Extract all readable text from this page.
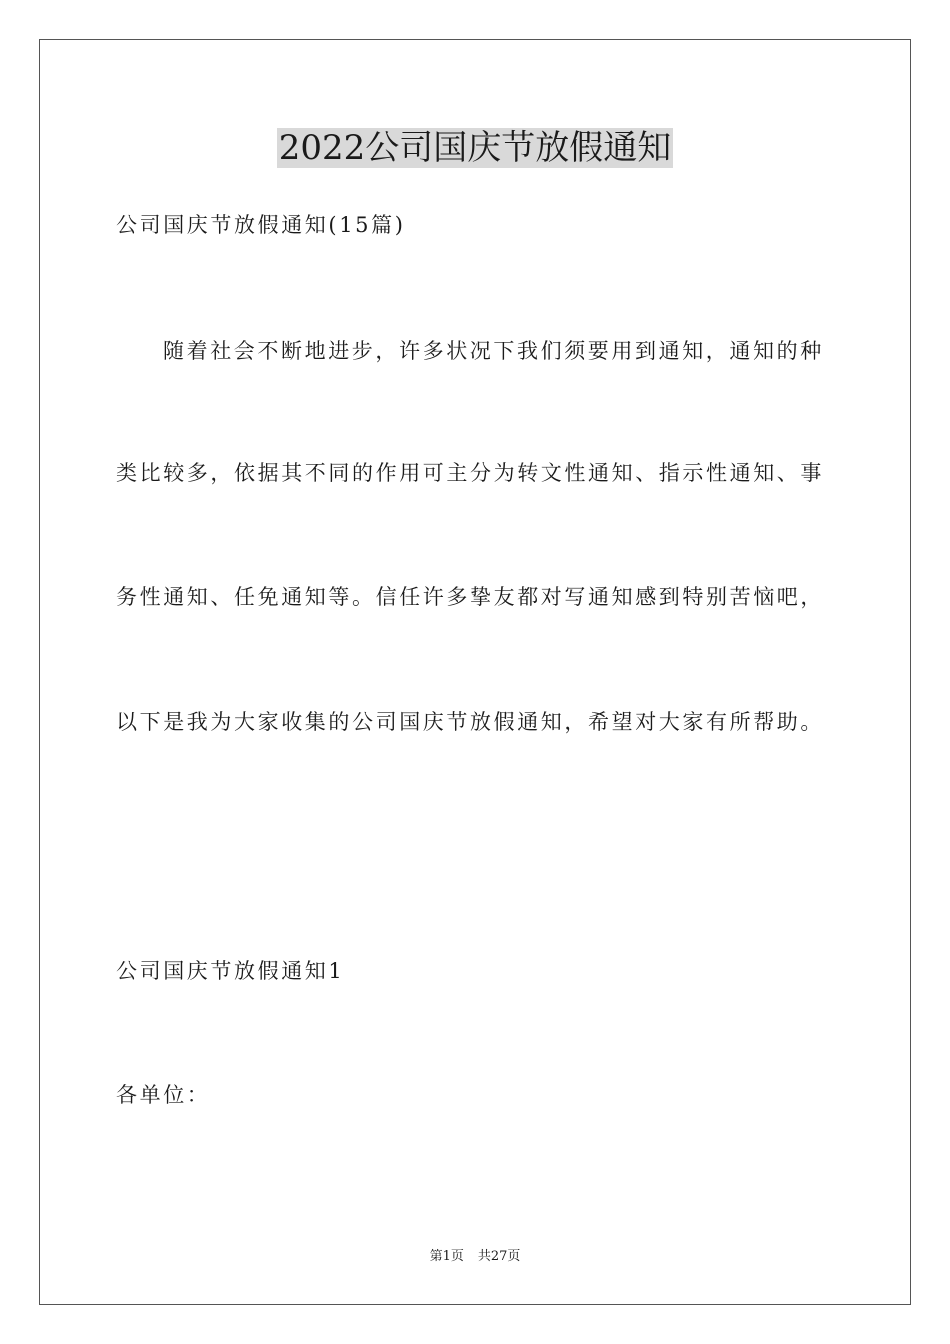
2022公司国庆节放假通知

公司国庆节放假通知(15篇)

随着社会不断地进步，许多状况下我们须要用到通知，通知的种

类比较多，依据其不同的作用可主分为转文性通知、指示性通知、事

务性通知、任免通知等。信任许多挚友都对写通知感到特别苦恼吧，

以下是我为大家收集的公司国庆节放假通知，希望对大家有所帮助。

公司国庆节放假通知1

各单位：

第1页 共27页
